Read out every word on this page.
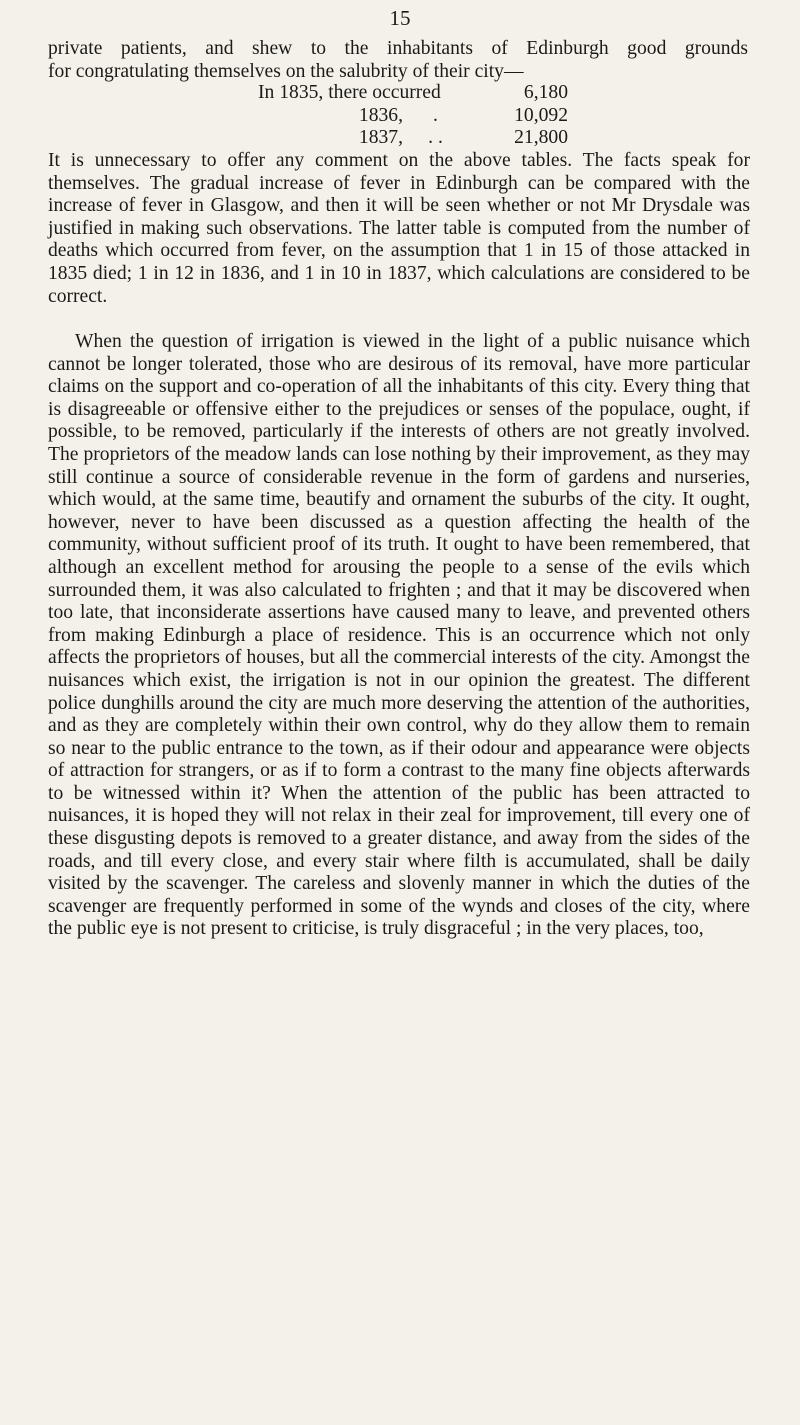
15
private patients, and shew to the inhabitants of Edinburgh good grounds
for congratulating themselves on the salubrity of their city—
In 1835, there occurred	6,180
1836,	.	10,092
1837,	. .	21,800

It is unnecessary to offer any comment on the above tables. The facts speak for themselves. The gradual increase of fever in Edinburgh can be compared with the increase of fever in Glasgow, and then it will be seen whether or not Mr Drysdale was justified in making such observations. The latter table is computed from the number of deaths which occurred from fever, on the assumption that 1 in 15 of those attacked in 1835 died; 1 in 12 in 1836, and 1 in 10 in 1837, which calculations are considered to be correct.

When the question of irrigation is viewed in the light of a public nuisance which cannot be longer tolerated, those who are desirous of its removal, have more particular claims on the support and co-operation of all the inhabitants of this city. Every thing that is disagreeable or offensive either to the prejudices or senses of the populace, ought, if possible, to be removed, particularly if the interests of others are not greatly involved. The proprietors of the meadow lands can lose nothing by their improvement, as they may still continue a source of considerable revenue in the form of gardens and nurseries, which would, at the same time, beautify and ornament the suburbs of the city. It ought, however, never to have been discussed as a question affecting the health of the community, without sufficient proof of its truth. It ought to have been remembered, that although an excellent method for arousing the people to a sense of the evils which surrounded them, it was also calculated to frighten ; and that it may be discovered when too late, that inconsiderate assertions have caused many to leave, and prevented others from making Edinburgh a place of residence. This is an occurrence which not only affects the proprietors of houses, but all the commercial interests of the city. Amongst the nuisances which exist, the irrigation is not in our opinion the greatest. The different police dunghills around the city are much more deserving the attention of the authorities, and as they are completely within their own control, why do they allow them to remain so near to the public entrance to the town, as if their odour and appearance were objects of attraction for strangers, or as if to form a contrast to the many fine objects afterwards to be witnessed within it? When the attention of the public has been attracted to nuisances, it is hoped they will not relax in their zeal for improvement, till every one of these disgusting depots is removed to a greater distance, and away from the sides of the roads, and till every close, and every stair where filth is accumulated, shall be daily visited by the scavenger. The careless and slovenly manner in which the duties of the scavenger are frequently performed in some of the wynds and closes of the city, where the public eye is not present to criticise, is truly disgraceful ; in the very places, too,
